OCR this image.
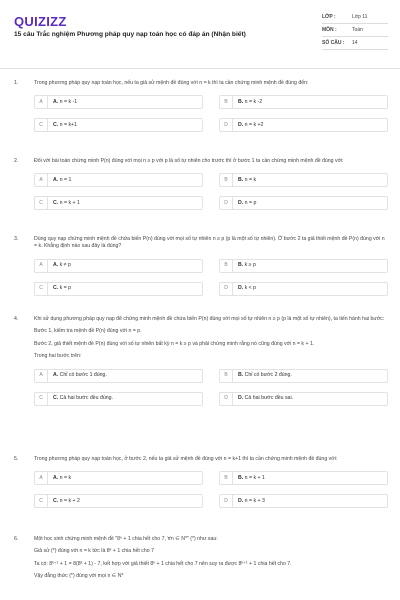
QUIZIZZ
15 câu Trắc nghiệm Phương pháp quy nạp toán học có đáp án (Nhận biết)
LỚP :	Lớp 11
MÔN :	Toán
SỐ CÂU :	14
1.	Trong phương pháp quy nạp toán học, nếu ta giả sử mệnh đề đúng với n = k thì ta cần chứng minh mệnh đề đúng đến:
A	A. n = k -1	B	B. n = k -2
C	C. n = k+1	D	D. n = k +2
2.	Đối với bài toán chứng minh P(n) đúng với mọi n ≥ p với p là số tự nhiên cho trước thì ở bước 1 ta cần chứng minh mệnh đề đúng với:
A	A. n = 1	B	B. n = k
C	C. n = k + 1	D	D. n = p
3.	Dùng quy nạp chứng minh mệnh đề chứa biến P(n) đúng với mọi số tự nhiên n ≥ p (p là một số tự nhiên). Ở bước 2 ta giả thiết mệnh đề P(n) đúng với n = k. Khẳng định nào sau đây là đúng?
A	A. k ≠ p	B	B. k ≥ p
C	C. k = p	D	D. k < p
4.	Khi sử dụng phương pháp quy nạp để chứng minh mệnh đề chứa biến P(n) đúng với mọi số tự nhiên n ≥ p (p là một số tự nhiên), ta tiến hành hai bước:
Bước 1, kiểm tra mệnh đề P(n) đúng với n = p.
Bước 2, giả thiết mệnh đề P(n) đúng với số tự nhiên bất kỳ n = k ≥ p và phải chứng minh rằng nó cũng đúng với n = k + 1.
Trong hai bước trên:
A	A. Chỉ có bước 1 đúng.	B	B. Chỉ có bước 2 đúng.
C	C. Cả hai bước đều đúng.	D	D. Cả hai bước đều sai.
5.	Trong phương pháp quy nạp toán học, ở bước 2, nếu ta giả sử mệnh đề đúng với n = k+1 thì ta cần chứng minh mệnh đề đúng với:
A	A. n = k	B	B. n = k + 1
C	C. n = k + 2	D	D. n = k + 3
6.	Một học sinh chứng minh mệnh đề "8ⁿ + 1 chia hết cho 7, ∀n ∈ N*" (*) như sau:
Giả sử (*) đúng với n = k tức là 8ᵏ + 1 chia hết cho 7
Ta có: 8ᵏ⁺¹ + 1 = 8(8ᵏ + 1) - 7, kết hợp với giả thiết 8ᵏ + 1 chia hết cho 7 nên suy ra được 8ᵏ⁺¹ + 1 chia hết cho 7.
Vậy đẳng thức (*) đúng với mọi n ∈ N*
